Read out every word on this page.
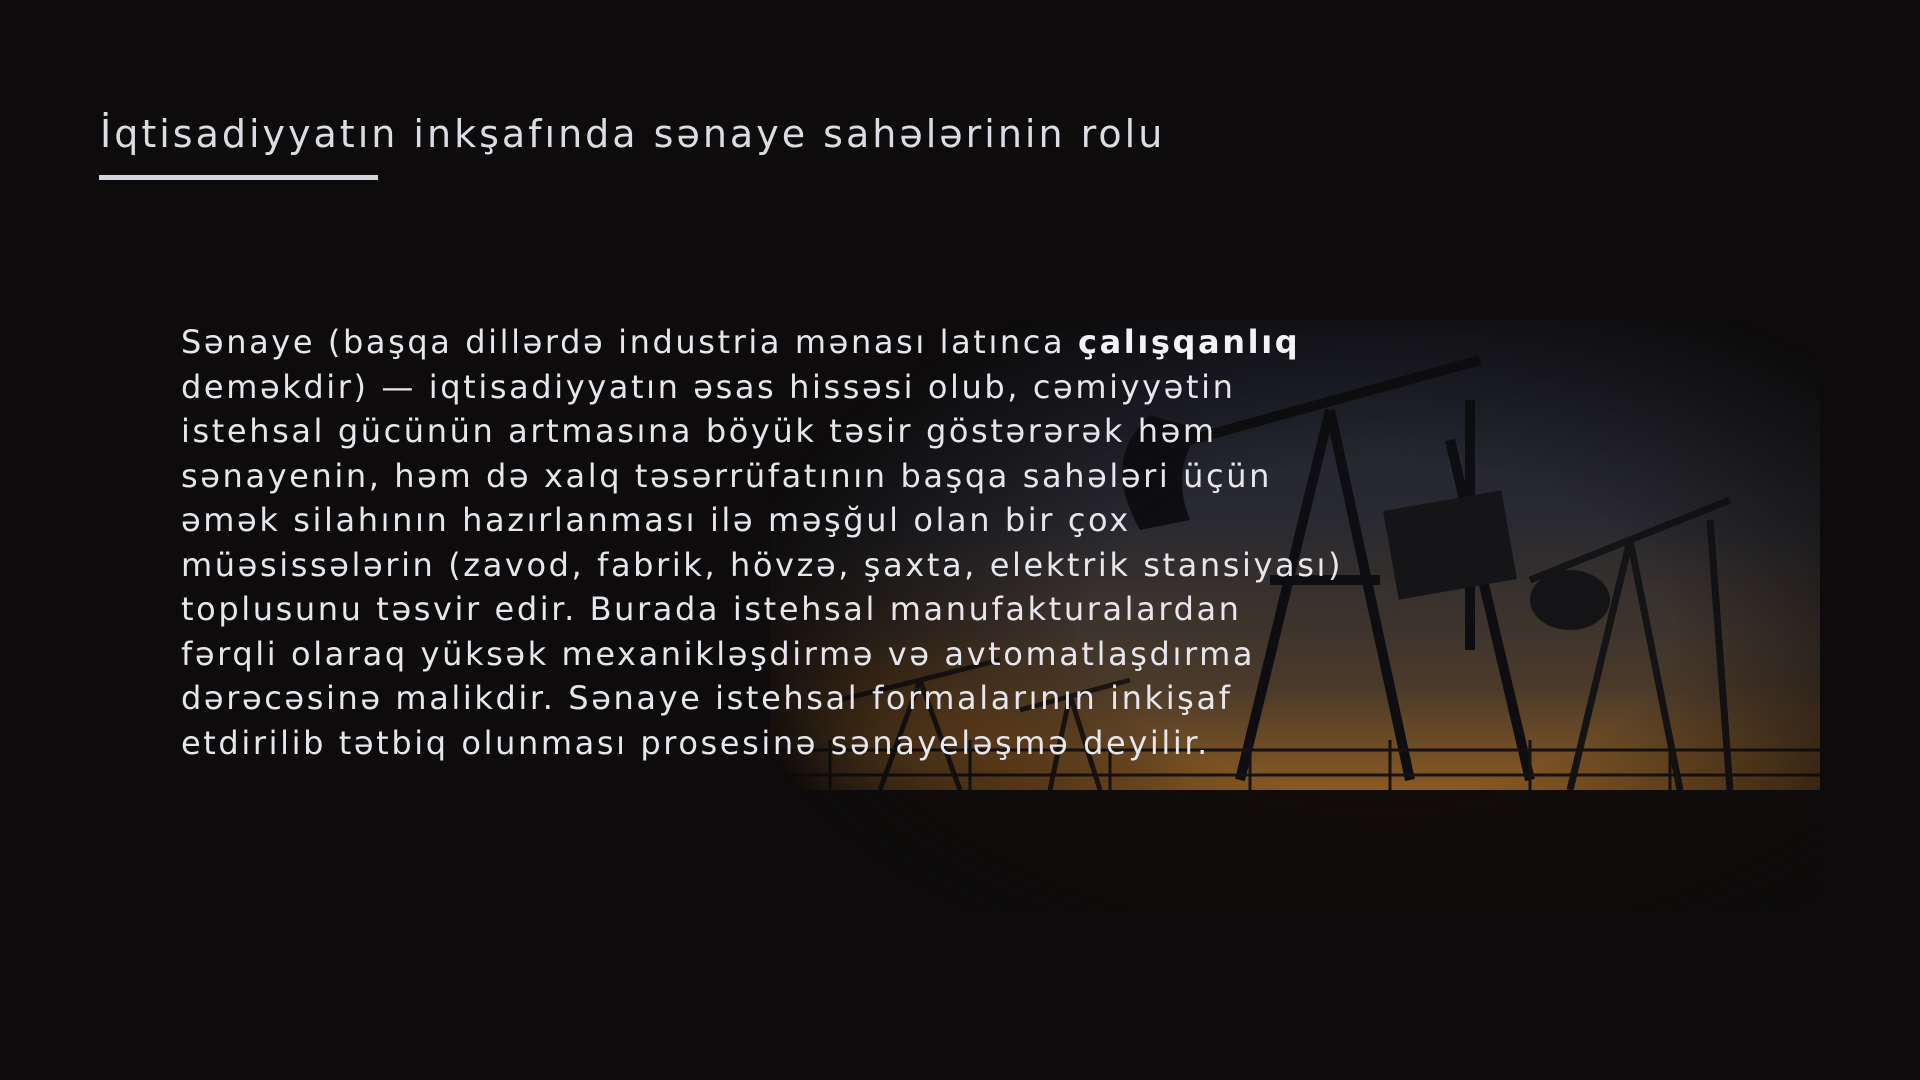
İqtisadiyyatın inkşafında sənaye sahələrinin rolu

Sənaye (başqa dillərdə industria mənası latınca çalışqanlıq
deməkdir) — iqtisadiyyatın əsas hissəsi olub, cəmiyyətin
istehsal gücünün artmasına böyük təsir göstərərək həm
sənayenin, həm də xalq təsərrüfatının başqa sahələri üçün
əmək silahının hazırlanması ilə məşğul olan bir çox
müəsissələrin (zavod, fabrik, hövzə, şaxta, elektrik stansiyası)
toplusunu təsvir edir. Burada istehsal manufakturalardan
fərqli olaraq yüksək mexanikləşdirmə və avtomatlaşdırma
dərəcəsinə malikdir. Sənaye istehsal formalarının inkişaf
etdirilib tətbiq olunması prosesinə sənayeləşmə deyilir.
